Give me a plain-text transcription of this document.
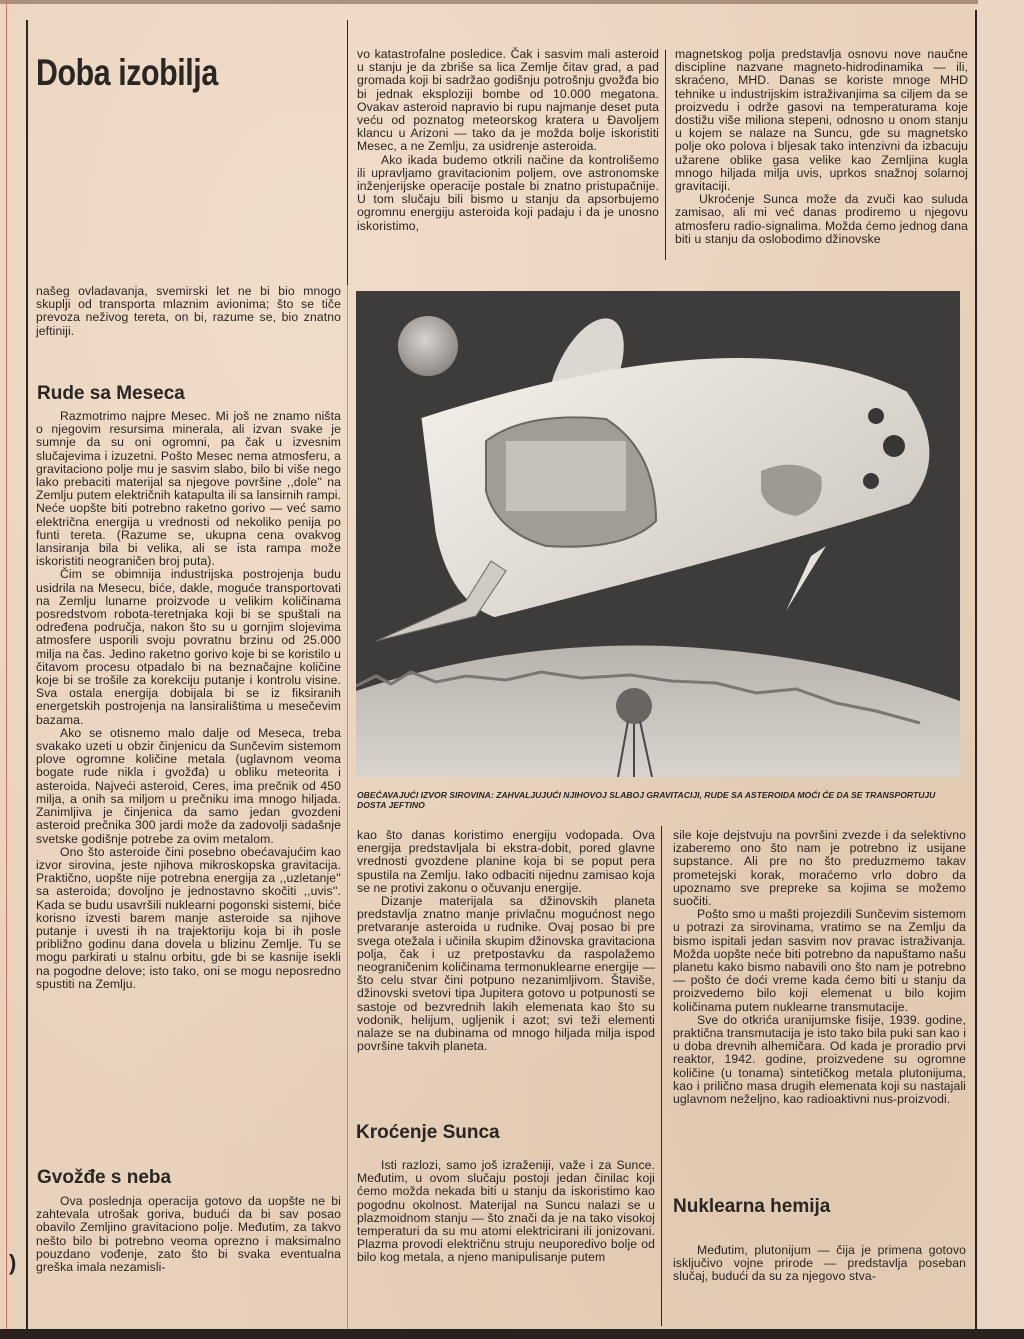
Doba izobilja

našeg ovladavanja, svemirski let ne bi bio mnogo skuplji od transporta mlaznim avionima; što se tiče prevoza neživog tereta, on bi, razume se, bio znatno jeftiniji.

Rude sa Meseca

Razmotrimo najpre Mesec. Mi još ne znamo ništa o njegovim resursima minerala, ali izvan svake je sumnje da su oni ogromni, pa čak u izvesnim slučajevima i izuzetni. Pošto Mesec nema atmosferu, a gravitaciono polje mu je sasvim slabo, bilo bi više nego lako prebaciti materijal sa njegove površine ,,dole'' na Zemlju putem električnih katapulta ili sa lansirnih rampi. Neće uopšte biti potrebno raketno gorivo — već samo električna energija u vrednosti od nekoliko penija po funti tereta. (Razume se, ukupna cena ovakvog lansiranja bila bi velika, ali se ista rampa može iskoristiti neograničen broj puta).

Čim se obimnija industrijska postrojenja budu usidrila na Mesecu, biće, dakle, moguće transportovati na Zemlju lunarne proizvode u velikim količinama posredstvom robota-teretnjaka koji bi se spuštali na određena područja, nakon što su u gornjim slojevima atmosfere usporili svoju povratnu brzinu od 25.000 milja na čas. Jedino raketno gorivo koje bi se koristilo u čitavom procesu otpadalo bi na beznačajne količine koje bi se trošile za korekciju putanje i kontrolu visine. Sva ostala energija dobijala bi se iz fiksiranih energetskih postrojenja na lansiralištima u mesečevim bazama.

Ako se otisnemo malo dalje od Meseca, treba svakako uzeti u obzir činjenicu da Sunčevim sistemom plove ogromne količine metala (uglavnom veoma bogate rude nikla i gvožđa) u obliku meteorita i asteroida. Najveći asteroid, Ceres, ima prečnik od 450 milja, a onih sa miljom u prečniku ima mnogo hiljada. Zanimljiva je činjenica da samo jedan gvozdeni asteroid prečnika 300 jardi može da zadovolji sadašnje svetske godišnje potrebe za ovim metalom.

Ono što asteroide čini posebno obećavajućim kao izvor sirovina, jeste njihova mikroskopska gravitacija. Praktično, uopšte nije potrebna energija za ,,uzletanje'' sa asteroida; dovoljno je jednostavno skočiti ,,uvis''. Kada se budu usavršili nuklearni pogonski sistemi, biće korisno izvesti barem manje asteroide sa njihove putanje i uvesti ih na trajektoriju koja bi ih posle približno godinu dana dovela u blizinu Zemlje. Tu se mogu parkirati u stalnu orbitu, gde bi se kasnije isekli na pogodne delove; isto tako, oni se mogu neposredno spustiti na Zemlju.

Gvožđe s neba

Ova poslednja operacija gotovo da uopšte ne bi zahtevala utrošak goriva, budući da bi sav posao obavilo Zemljino gravitaciono polje. Međutim, za takvo nešto bilo bi potrebno veoma oprezno i maksimalno pouzdano vođenje, zato što bi svaka eventualna greška imala nezamisli-

)

vo katastrofalne posledice. Čak i sasvim mali asteroid u stanju je da zbriše sa lica Zemlje čitav grad, a pad gromada koji bi sadržao godišnju potrošnju gvožđa bio bi jednak eksploziji bombe od 10.000 megatona. Ovakav asteroid napravio bi rupu najmanje deset puta veću od poznatog meteorskog kratera u Đavoljem klancu u Arizoni — tako da je možda bolje iskoristiti Mesec, a ne Zemlju, za usidrenje asteroida.

Ako ikada budemo otkrili načine da kontrolišemo ili upravljamo gravitacionim poljem, ove astronomske inženjerijske operacije postale bi znatno pristupačnije. U tom slučaju bili bismo u stanju da apsorbujemo ogromnu energiju asteroida koji padaju i da je unosno iskoristimo,

magnetskog polja predstavlja osnovu nove naučne discipline nazvane magneto-hidrodinamika — ili, skraćeno, MHD. Danas se koriste mnoge MHD tehnike u industrijskim istraživanjima sa ciljem da se proizvedu i održe gasovi na temperaturama koje dostižu više miliona stepeni, odnosno u onom stanju u kojem se nalaze na Suncu, gde su magnetsko polje oko polova i bljesak tako intenzivni da izbacuju užarene oblike gasa velike kao Zemljina kugla mnogo hiljada milja uvis, uprkos snažnoj solarnoj gravitaciji.

Ukroćenje Sunca može da zvuči kao suluda zamisao, ali mi već danas prodiremo u njegovu atmosferu radio-signalima. Možda ćemo jednog dana biti u stanju da oslobodimo džinovske

OBEĆAVAJUĆI IZVOR SIROVINA: ZAHVALJUJUĆI NJIHOVOJ SLABOJ GRAVITACIJI, RUDE SA ASTEROIDA MOĆI ĆE DA SE TRANSPORTUJU DOSTA JEFTINO

kao što danas koristimo energiju vodopada. Ova energija predstavljala bi ekstra-dobit, pored glavne vrednosti gvozdene planine koja bi se poput pera spustila na Zemlju. Iako odbaciti nijednu zamisao koja se ne protivi zakonu o očuvanju energije.

Dizanje materijala sa džinovskih planeta predstavlja znatno manje privlačnu mogućnost nego pretvaranje asteroida u rudnike. Ovaj posao bi pre svega otežala i učinila skupim džinovska gravitaciona polja, čak i uz pretpostavku da raspolažemo neograničenim količinama termonuklearne energije — što celu stvar čini potpuno nezanimljivom. Štaviše, džinovski svetovi tipa Jupitera gotovo u potpunosti se sastoje od bezvrednih lakih elemenata kao što su vodonik, helijum, ugljenik i azot; svi teži elementi nalaze se na dubinama od mnogo hiljada milja ispod površine takvih planeta.

Kroćenje Sunca

Isti razlozi, samo još izraženiji, važe i za Sunce. Međutim, u ovom slučaju postoji jedan činilac koji ćemo možda nekada biti u stanju da iskoristimo kao pogodnu okolnost. Materijal na Suncu nalazi se u plazmoidnom stanju — što znači da je na tako visokoj temperaturi da su mu atomi elektricirani ili jonizovani. Plazma provodi električnu struju neuporedivo bolje od bilo kog metala, a njeno manipulisanje putem

sile koje dejstvuju na površini zvezde i da selektivno izaberemo ono što nam je potrebno iz usijane supstance. Ali pre no što preduzmemo takav prometejski korak, moraćemo vrlo dobro da upoznamo sve prepreke sa kojima se možemo suočiti.

Pošto smo u mašti projezdili Sunčevim sistemom u potrazi za sirovinama, vratimo se na Zemlju da bismo ispitali jedan sasvim nov pravac istraživanja. Možda uopšte neće biti potrebno da napuštamo našu planetu kako bismo nabavili ono što nam je potrebno — pošto će doći vreme kada ćemo biti u stanju da proizvedemo bilo koji elemenat u bilo kojim količinama putem nuklearne transmutacije.

Sve do otkrića uranijumske fisije, 1939. godine, praktična transmutacija je isto tako bila puki san kao i u doba drevnih alhemičara. Od kada je proradio prvi reaktor, 1942. godine, proizvedene su ogromne količine (u tonama) sintetičkog metala plutonijuma, kao i prilično masa drugih elemenata koji su nastajali uglavnom neželjno, kao radioaktivni nus-proizvodi.

Nuklearna hemija

Međutim, plutonijum — čija je primena gotovo isključivo vojne prirode — predstavlja poseban slučaj, budući da su za njegovo stva-
